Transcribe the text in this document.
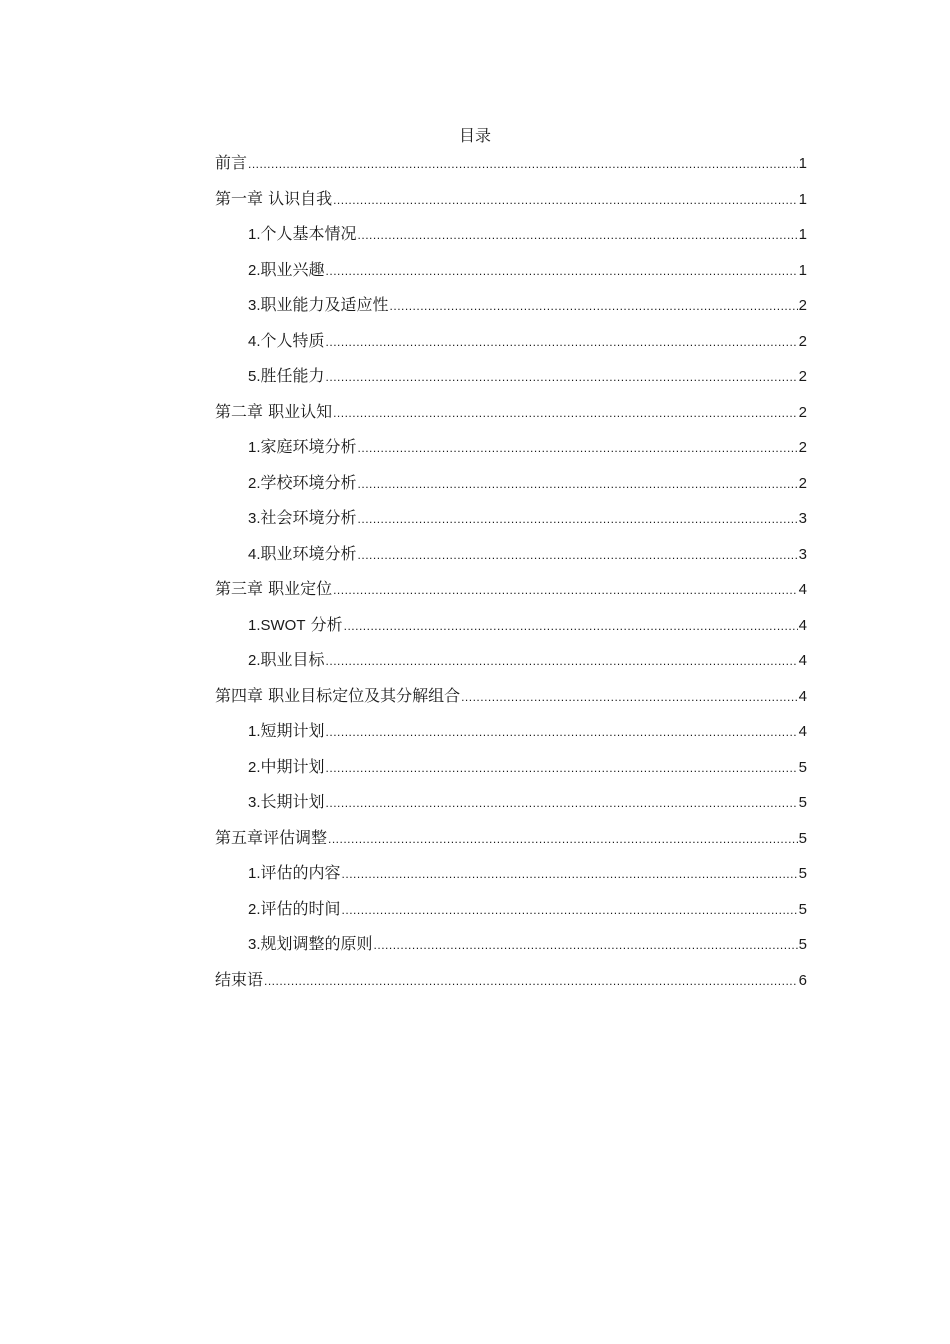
目录
前言 .....	1
第一章 认识自我 .....	1
1.个人基本情况 .....	1
2.职业兴趣 .....	1
3.职业能力及适应性 .....	2
4.个人特质 .....	2
5.胜任能力 .....	2
第二章 职业认知 .....	2
1.家庭环境分析 .....	2
2.学校环境分析 .....	2
3.社会环境分析 .....	3
4.职业环境分析 .....	3
第三章 职业定位 .....	4
1.SWOT 分析 .....	4
2.职业目标 .....	4
第四章 职业目标定位及其分解组合 .....	4
1.短期计划 .....	4
2.中期计划 .....	5
3.长期计划 .....	5
第五章评估调整 .....	5
1.评估的内容 .....	5
2.评估的时间 .....	5
3.规划调整的原则 .....	5
结束语 .....	6
